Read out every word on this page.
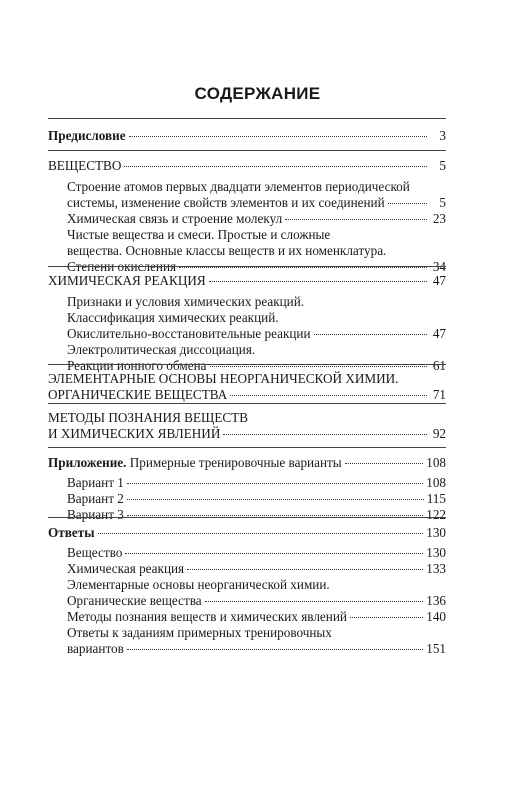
СОДЕРЖАНИЕ
Предисловие	3
ВЕЩЕСТВО	5
Строение атомов первых двадцати элементов периодической
системы, изменение свойств элементов и их соединений	5
Химическая связь и строение молекул	23
Чистые вещества и смеси. Простые и сложные
вещества. Основные классы веществ и их номенклатура.
Степени окисления	34
ХИМИЧЕСКАЯ РЕАКЦИЯ	47
Признаки и условия химических реакций.
Классификация химических реакций.
Окислительно-восстановительные реакции	47
Электролитическая диссоциация.
Реакции ионного обмена	61
ЭЛЕМЕНТАРНЫЕ ОСНОВЫ НЕОРГАНИЧЕСКОЙ ХИМИИ.
ОРГАНИЧЕСКИЕ ВЕЩЕСТВА	71
МЕТОДЫ ПОЗНАНИЯ ВЕЩЕСТВ
И ХИМИЧЕСКИХ ЯВЛЕНИЙ	92
Приложение. Примерные тренировочные варианты	108
Вариант 1	108
Вариант 2	115
Вариант 3	122
Ответы	130
Вещество	130
Химическая реакция	133
Элементарные основы неорганической химии.
Органические вещества	136
Методы познания веществ и химических явлений	140
Ответы к заданиям примерных тренировочных
вариантов	151
